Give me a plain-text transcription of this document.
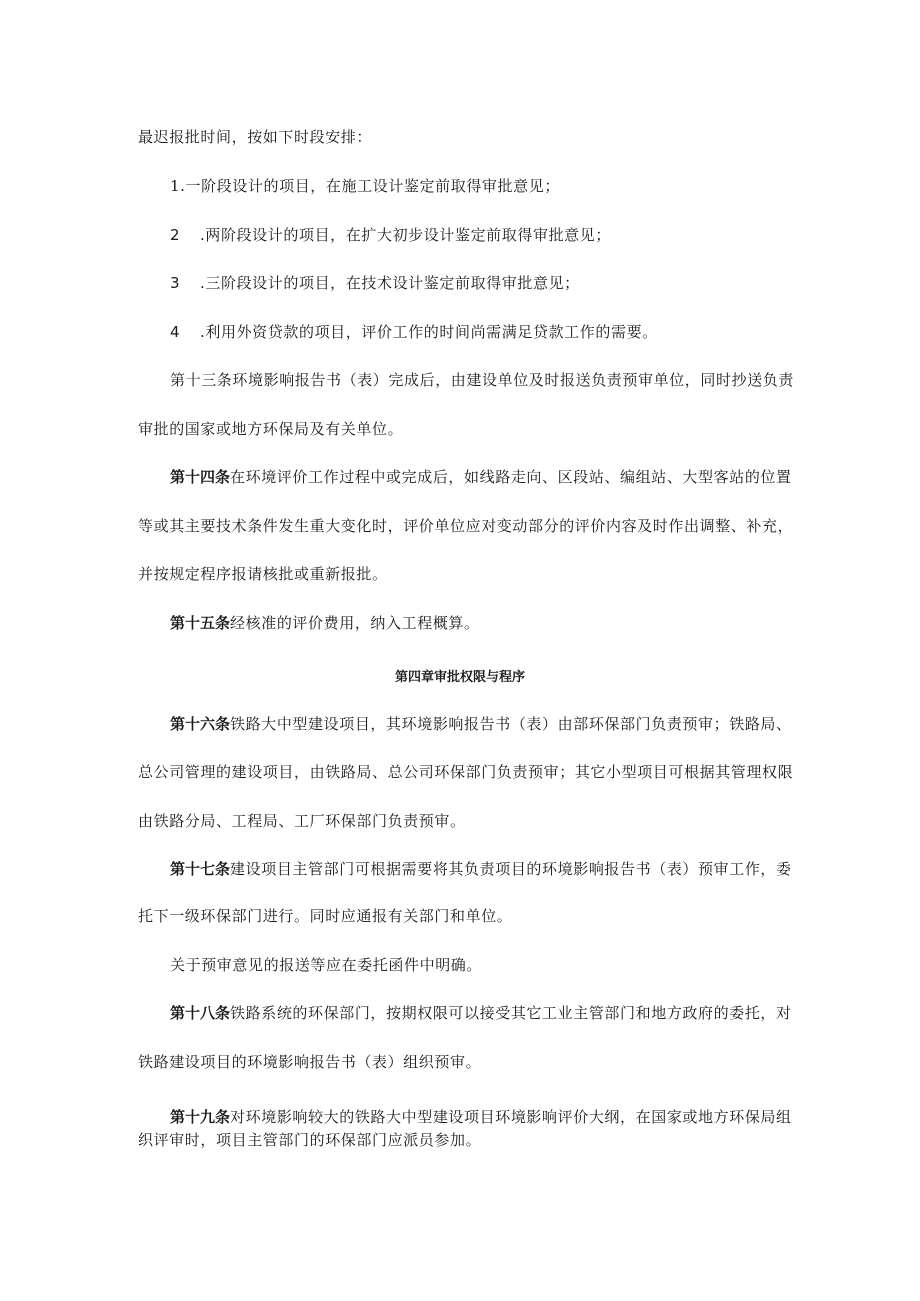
最迟报批时间，按如下时段安排：
1.一阶段设计的项目，在施工设计鉴定前取得审批意见；
2 .两阶段设计的项目，在扩大初步设计鉴定前取得审批意见；
3 .三阶段设计的项目，在技术设计鉴定前取得审批意见；
4 .利用外资贷款的项目，评价工作的时间尚需满足贷款工作的需要。
第十三条环境影响报告书（表）完成后，由建设单位及时报送负责预审单位，同时抄送负责
审批的国家或地方环保局及有关单位。
第十四条在环境评价工作过程中或完成后，如线路走向、区段站、编组站、大型客站的位置
等或其主要技术条件发生重大变化时，评价单位应对变动部分的评价内容及时作出调整、补充，
并按规定程序报请核批或重新报批。
第十五条经核准的评价费用，纳入工程概算。
第四章审批权限与程序
第十六条铁路大中型建设项目，其环境影响报告书（表）由部环保部门负责预审；铁路局、
总公司管理的建设项目，由铁路局、总公司环保部门负责预审；其它小型项目可根据其管理权限
由铁路分局、工程局、工厂环保部门负责预审。
第十七条建设项目主管部门可根据需要将其负责项目的环境影响报告书（表）预审工作，委
托下一级环保部门进行。同时应通报有关部门和单位。
关于预审意见的报送等应在委托函件中明确。
第十八条铁路系统的环保部门，按期权限可以接受其它工业主管部门和地方政府的委托，对
铁路建设项目的环境影响报告书（表）组织预审。
第十九条对环境影响较大的铁路大中型建设项目环境影响评价大纲，在国家或地方环保局组
织评审时，项目主管部门的环保部门应派员参加。
